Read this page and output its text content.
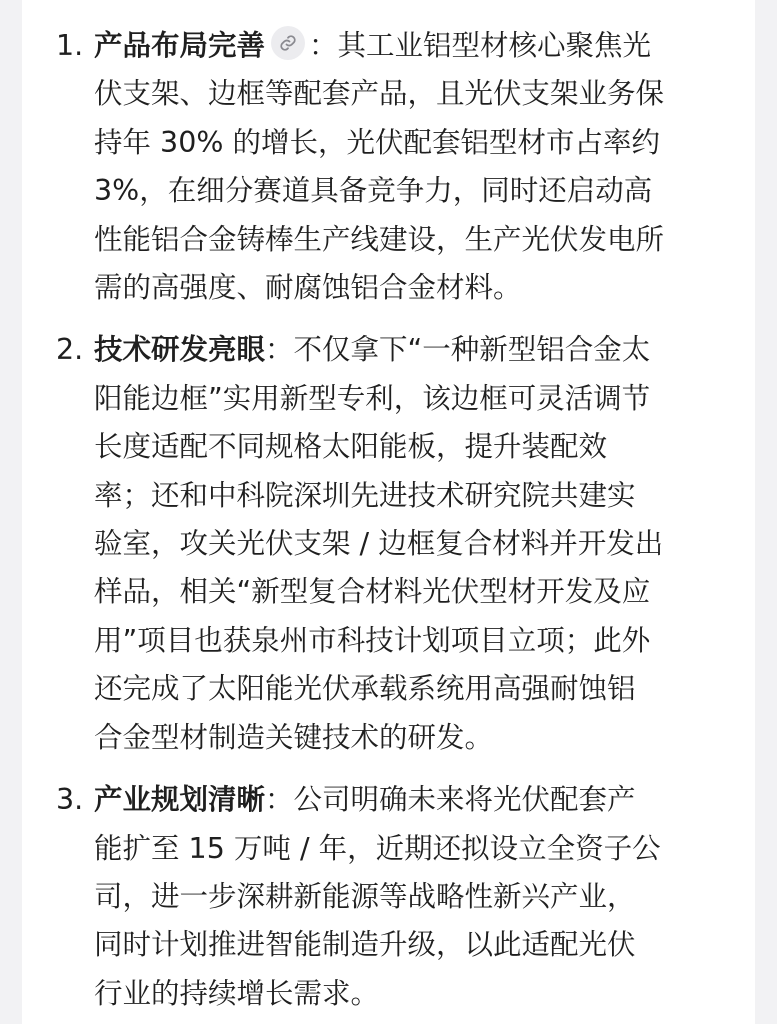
1. 产品布局完善 ：其工业铝型材核心聚焦光
伏支架、边框等配套产品，且光伏支架业务保
持年 30% 的增长，光伏配套铝型材市占率约
3%，在细分赛道具备竞争力，同时还启动高
性能铝合金铸棒生产线建设，生产光伏发电所
需的高强度、耐腐蚀铝合金材料。
2. 技术研发亮眼：不仅拿下“一种新型铝合金太
阳能边框”实用新型专利，该边框可灵活调节
长度适配不同规格太阳能板，提升装配效
率；还和中科院深圳先进技术研究院共建实
验室，攻关光伏支架 / 边框复合材料并开发出
样品，相关“新型复合材料光伏型材开发及应
用”项目也获泉州市科技计划项目立项；此外
还完成了太阳能光伏承载系统用高强耐蚀铝
合金型材制造关键技术的研发。
3. 产业规划清晰：公司明确未来将光伏配套产
能扩至 15 万吨 / 年，近期还拟设立全资子公
司，进一步深耕新能源等战略性新兴产业，
同时计划推进智能制造升级，以此适配光伏
行业的持续增长需求。
